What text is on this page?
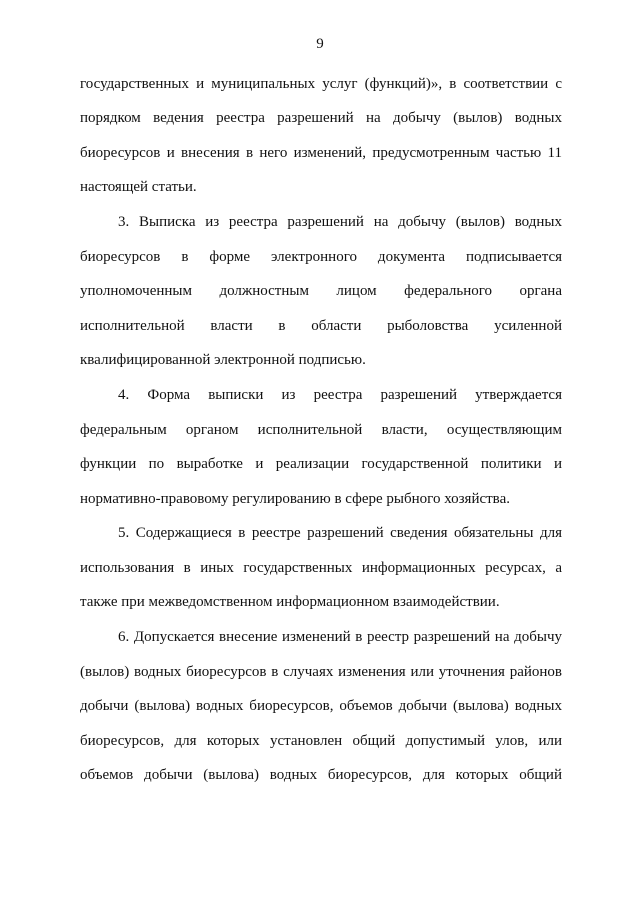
9
государственных и муниципальных услуг (функций)», в соответствии с
порядком ведения реестра разрешений на добычу (вылов) водных
биоресурсов и внесения в него изменений, предусмотренным частью 11
настоящей статьи.
3. Выписка из реестра разрешений на добычу (вылов) водных
биоресурсов в форме электронного документа подписывается
уполномоченным должностным лицом федерального органа
исполнительной власти в области рыболовства усиленной
квалифицированной электронной подписью.
4. Форма выписки из реестра разрешений утверждается
федеральным органом исполнительной власти, осуществляющим
функции по выработке и реализации государственной политики и
нормативно-правовому регулированию в сфере рыбного хозяйства.
5. Содержащиеся в реестре разрешений сведения обязательны для
использования в иных государственных информационных ресурсах, а
также при межведомственном информационном взаимодействии.
6. Допускается внесение изменений в реестр разрешений на добычу
(вылов) водных биоресурсов в случаях изменения или уточнения районов
добычи (вылова) водных биоресурсов, объемов добычи (вылова) водных
биоресурсов, для которых установлен общий допустимый улов, или
объемов добычи (вылова) водных биоресурсов, для которых общий
